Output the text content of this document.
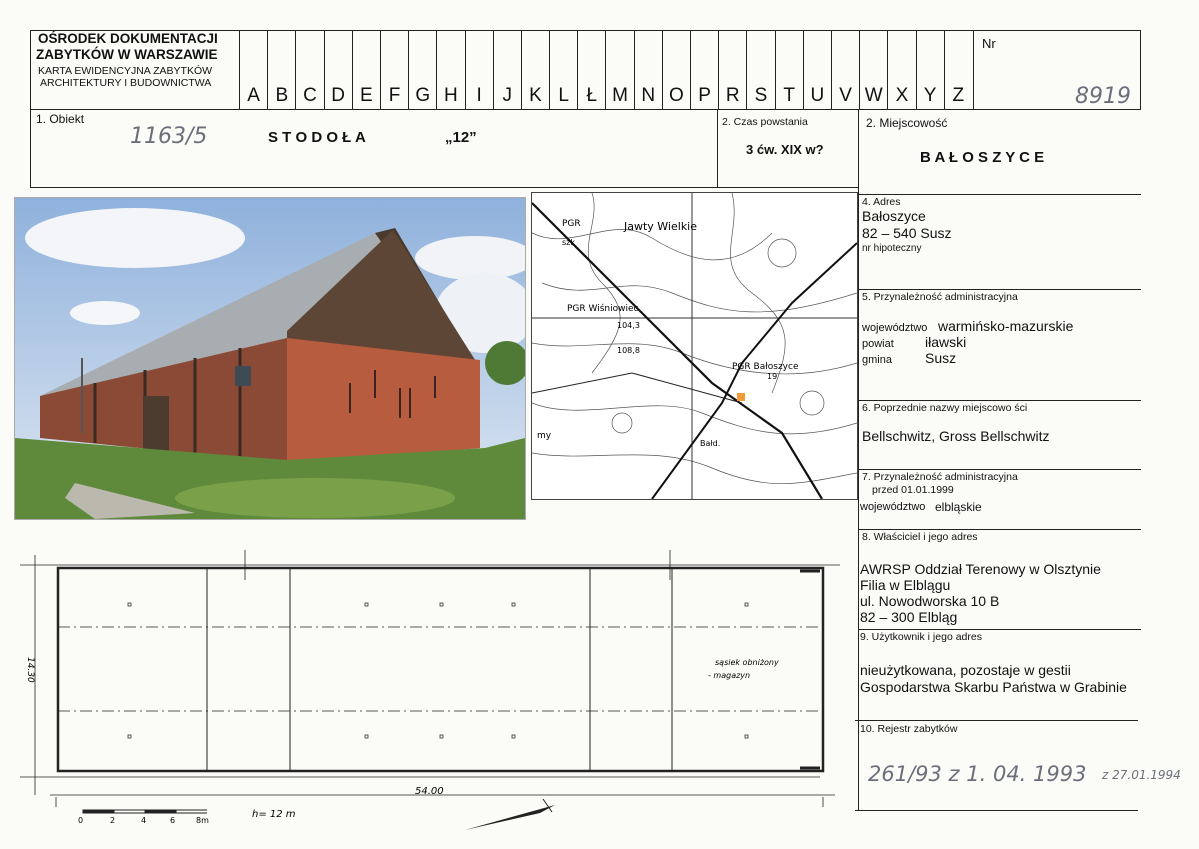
OŚRODEK DOKUMENTACJI
ZABYTKÓW W WARSZAWIE
KARTA EWIDENCYJNA ZABYTKÓW
ARCHITEKTURY I BUDOWNICTWA
A B C D E F G H I	J K L Ł M N O P R S T U V W X Y Z
Nr
8919
1. Obiekt
1163/5	S T O D O Ł A	„12”
2. Czas powstania
3 ćw. XIX w?
2. Miejscowość
B A Ł O S Z Y C E
PGR	Jawty Wielkie
szk
PGR Wiśniowiec
104,3
108,8
PGR Bałoszyce
19
my
Bałd.
4. Adres
Bałoszyce
82 – 540 Susz
nr hipoteczny
5. Przynależność administracyjna
województwo warmińsko-mazurskie
powiat iławski
gmina Susz
6. Poprzednie nazwy miejscowo ści
Bellschwitz, Gross Bellschwitz
7. Przynależność administracyjna
przed 01.01.1999
województwo elbląskie
8. Właściciel i jego adres
AWRSP Oddział Terenowy w Olsztynie
Filia w Elblągu
ul. Nowodworska 10 B
82 – 300 Elbląg
9. Użytkownik i jego adres
nieużytkowana, pozostaje w gestii
Gospodarstwa Skarbu Państwa w Grabinie
10. Rejestr zabytków
261/93 z 1. 04. 1993 z 27.01.1994
0	2	4	6	8m
h= 12 m
54.00
14.30	sąsiek obniżony
- magazyn
